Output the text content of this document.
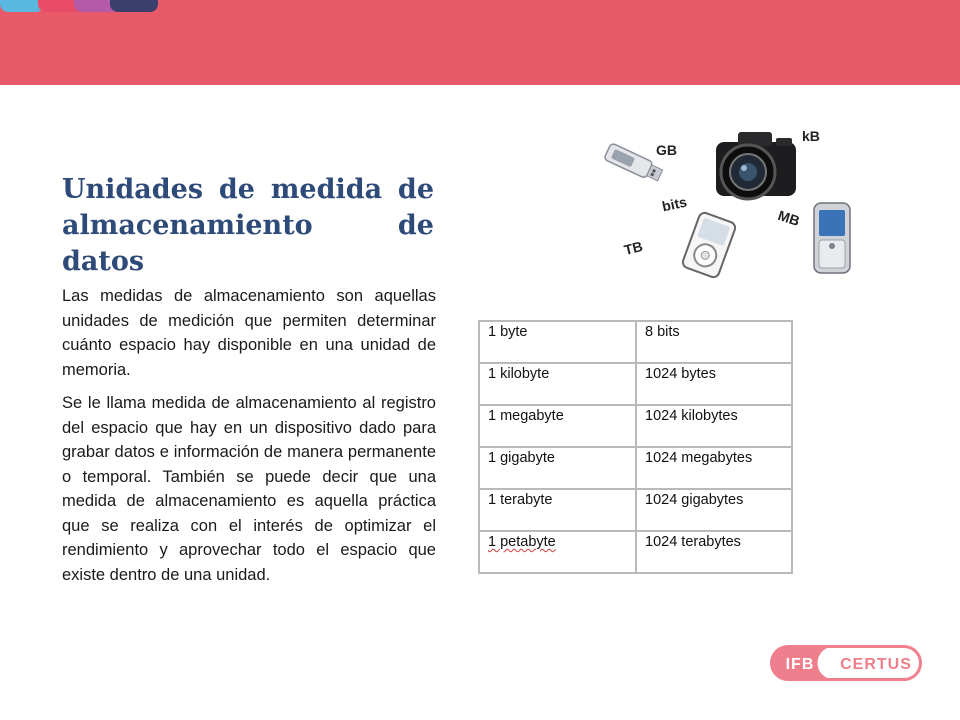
Unidades de medida de almacenamiento de datos

Las medidas de almacenamiento son aquellas unidades de medición que permiten determinar cuánto espacio hay disponible en una unidad de memoria.

Se le llama medida de almacenamiento al registro del espacio que hay en un dispositivo dado para grabar datos e información de manera permanente o temporal. También se puede decir que una medida de almacenamiento es aquella práctica que se realiza con el interés de optimizar el rendimiento y aprovechar todo el espacio que existe dentro de una unidad.

GB
kB
bits
MB
TB
1 byte	8 bits
1 kilobyte	1024 bytes
1 megabyte	1024 kilobytes
1 gigabyte	1024 megabytes
1 terabyte	1024 gigabytes
1 petabyte	1024 terabytes
IFB CERTUS
